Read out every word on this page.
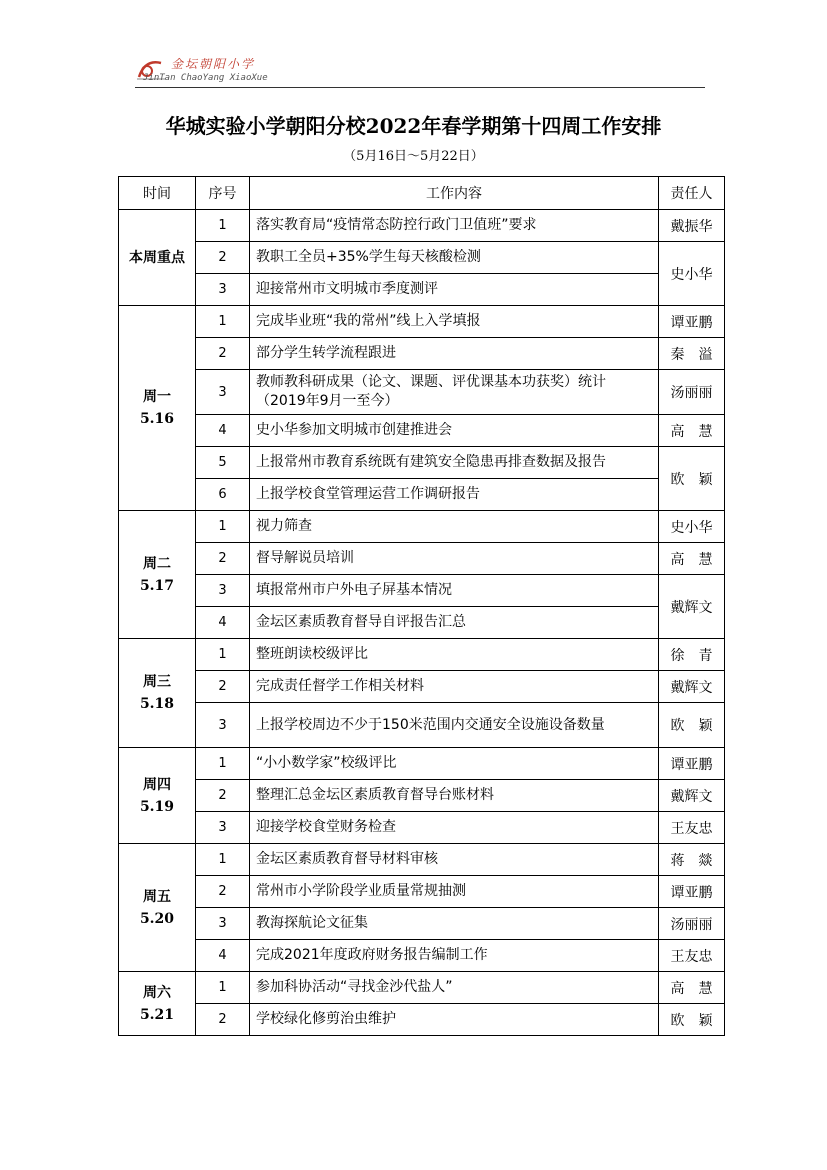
金坛朝阳小学
JinTan ChaoYang XiaoXue
华城实验小学朝阳分校2022年春学期第十四周工作安排
（5月16日～5月22日）
时间	序号	工作内容	责任人

本周重点	1	落实教育局“疫情常态防控行政门卫值班”要求	戴振华
	2	教职工全员+35%学生每天核酸检测	史小华
	3	迎接常州市文明城市季度测评	

周一
5.16	1	完成毕业班“我的常州”线上入学填报	谭亚鹏
	2	部分学生转学流程跟进	秦　溢
	3	教师教科研成果（论文、课题、评优课基本功获奖）统计（2019年9月一至今）	汤丽丽
	4	史小华参加文明城市创建推进会	高　慧
	5	上报常州市教育系统既有建筑安全隐患再排查数据及报告	欧　颖
	6	上报学校食堂管理运营工作调研报告	

周二
5.17	1	视力筛查	史小华
	2	督导解说员培训	高　慧
	3	填报常州市户外电子屏基本情况	戴辉文
	4	金坛区素质教育督导自评报告汇总	

周三
5.18	1	整班朗读校级评比	徐　青
	2	完成责任督学工作相关材料	戴辉文
	3	上报学校周边不少于150米范围内交通安全设施设备数量	欧　颖

周四
5.19	1	“小小数学家”校级评比	谭亚鹏
	2	整理汇总金坛区素质教育督导台账材料	戴辉文
	3	迎接学校食堂财务检查	王友忠

周五
5.20	1	金坛区素质教育督导材料审核	蒋　燚
	2	常州市小学阶段学业质量常规抽测	谭亚鹏
	3	教海探航论文征集	汤丽丽
	4	完成2021年度政府财务报告编制工作	王友忠

周六
5.21	1	参加科协活动“寻找金沙代盐人”	高　慧
	2	学校绿化修剪治虫维护	欧　颖
